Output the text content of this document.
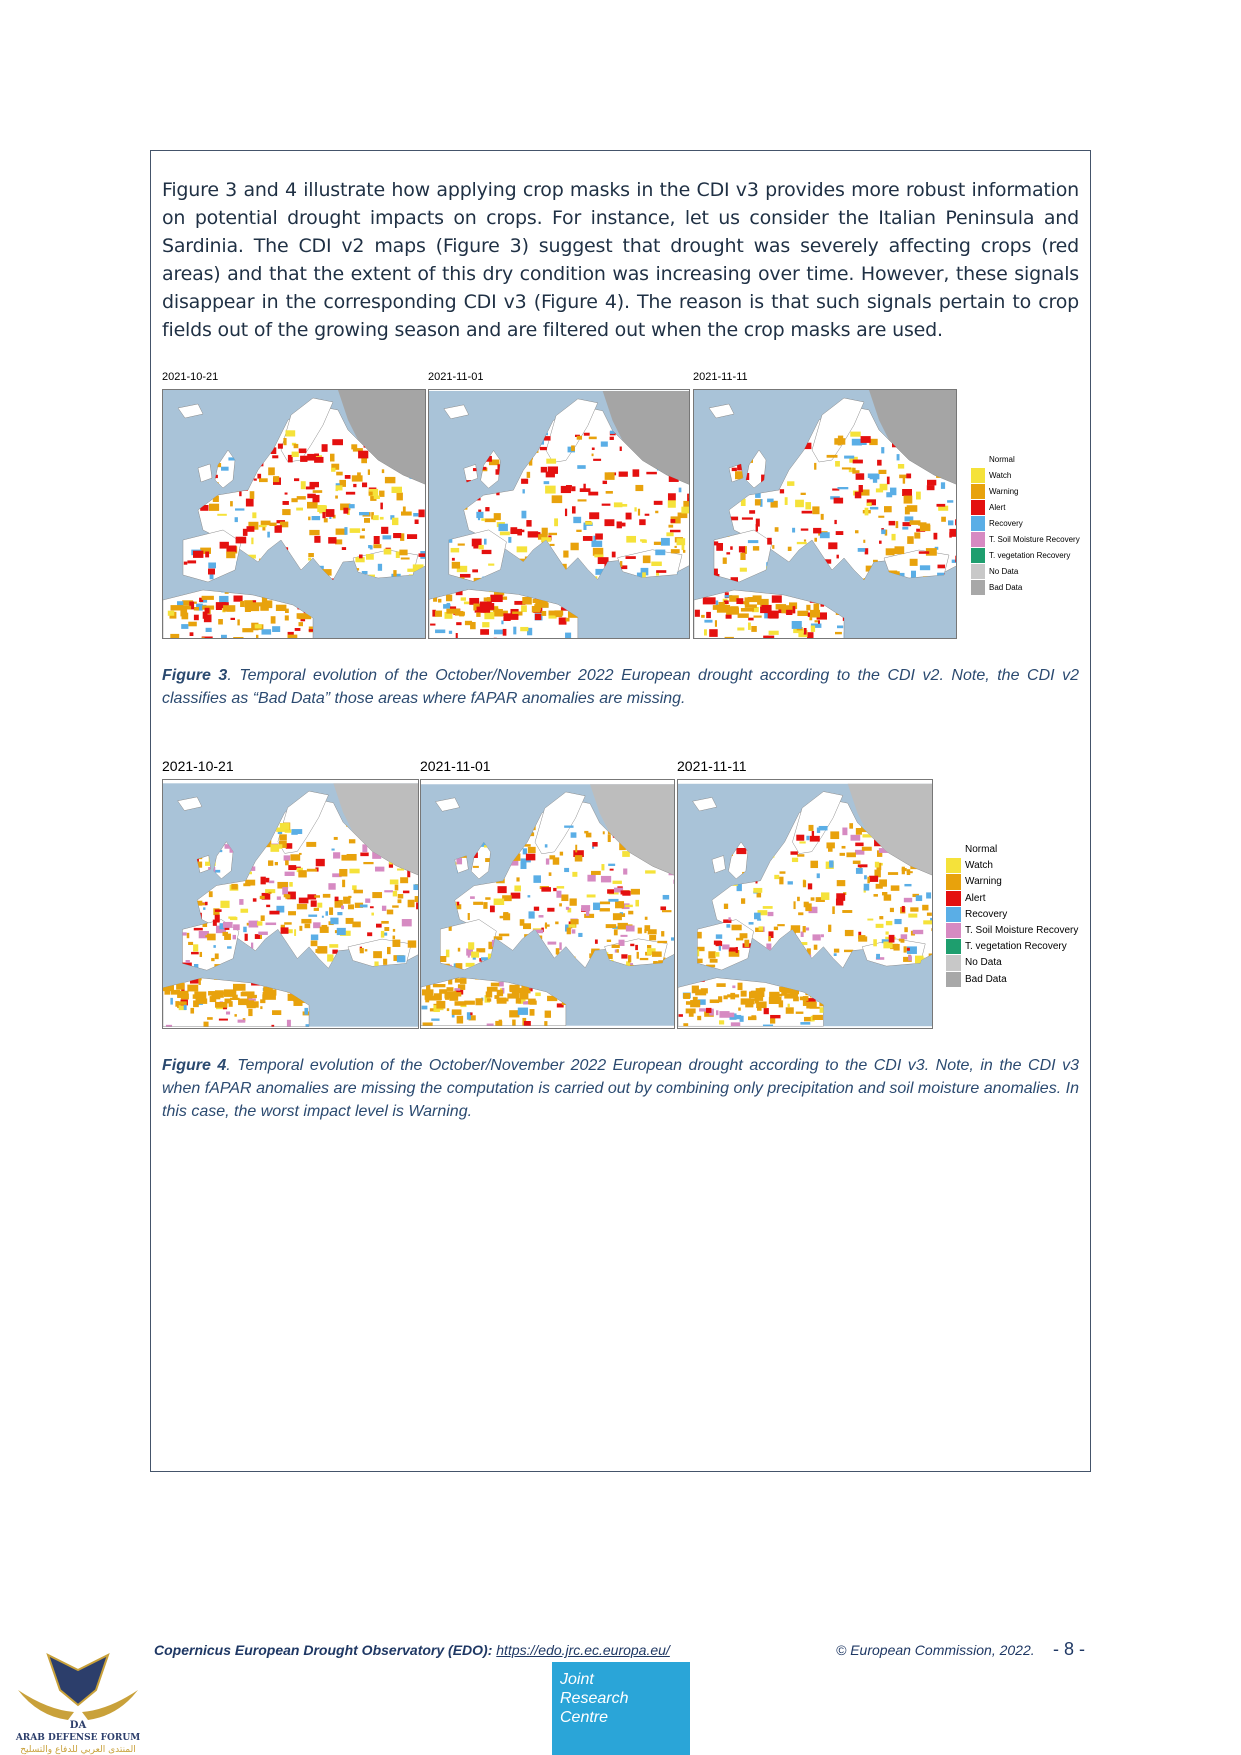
Figure 3 and 4 illustrate how applying crop masks in the CDI v3 provides more robust information on potential drought impacts on crops. For instance, let us consider the Italian Peninsula and Sardinia. The CDI v2 maps (Figure 3) suggest that drought was severely affecting crops (red areas) and that the extent of this dry condition was increasing over time. However, these signals disappear in the corresponding CDI v3 (Figure 4). The reason is that such signals pertain to crop fields out of the growing season and are filtered out when the crop masks are used.

2021-10-21	2021-11-01	2021-11-11
Normal
Watch
Warning
Alert
Recovery
T. Soil Moisture Recovery
T. vegetation Recovery
No Data
Bad Data

Figure 3. Temporal evolution of the October/November 2022 European drought according to the CDI v2. Note, the CDI v2 classifies as “Bad Data” those areas where fAPAR anomalies are missing.

2021-10-21	2021-11-01	2021-11-11
Normal
Watch
Warning
Alert
Recovery
T. Soil Moisture Recovery
T. vegetation Recovery
No Data
Bad Data

Figure 4. Temporal evolution of the October/November 2022 European drought according to the CDI v3. Note, in the CDI v3 when fAPAR anomalies are missing the computation is carried out by combining only precipitation and soil moisture anomalies. In this case, the worst impact level is Warning.

Copernicus European Drought Observatory (EDO): https://edo.jrc.ec.europa.eu/	© European Commission, 2022. - 8 -
Joint
Research
Centre
DA
ARAB DEFENSE FORUM
المنتدى العربي للدفاع والتسليح
